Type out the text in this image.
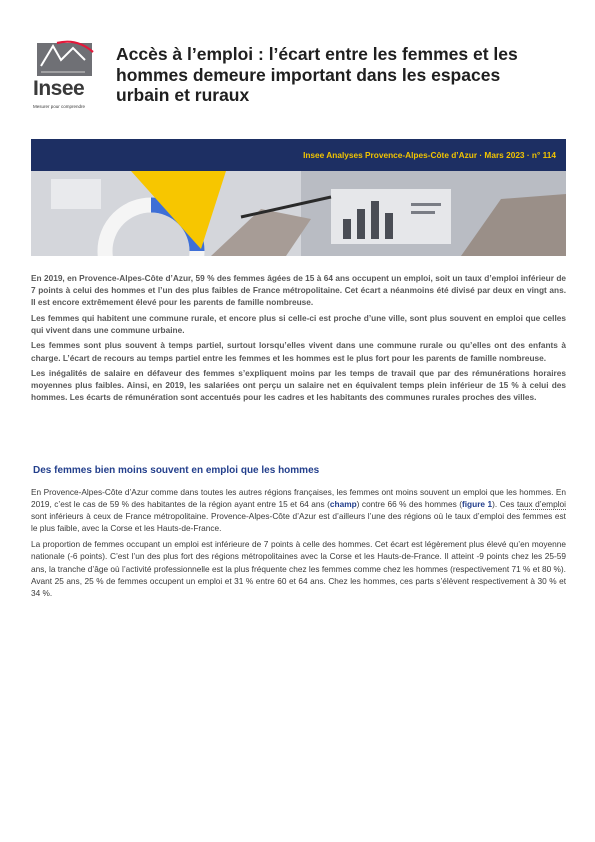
Insee
Mesurer pour comprendre
Accès à l’emploi : l’écart entre les femmes et les hommes demeure important dans les espaces urbain et ruraux
Insee Analyses Provence-Alpes-Côte d’Azur · Mars 2023 · n° 114

En 2019, en Provence-Alpes-Côte d’Azur, 59 % des femmes âgées de 15 à 64 ans occupent un emploi, soit un taux d’emploi inférieur de 7 points à celui des hommes et l’un des plus faibles de France métropolitaine. Cet écart a néanmoins été divisé par deux en vingt ans. Il est encore extrêmement élevé pour les parents de famille nombreuse.

Les femmes qui habitent une commune rurale, et encore plus si celle-ci est proche d’une ville, sont plus souvent en emploi que celles qui vivent dans une commune urbaine.

Les femmes sont plus souvent à temps partiel, surtout lorsqu’elles vivent dans une commune rurale ou qu’elles ont des enfants à charge. L’écart de recours au temps partiel entre les femmes et les hommes est le plus fort pour les parents de famille nombreuse.

Les inégalités de salaire en défaveur des femmes s’expliquent moins par les temps de travail que par des rémunérations horaires moyennes plus faibles. Ainsi, en 2019, les salariées ont perçu un salaire net en équivalent temps plein inférieur de 15 % à celui des hommes. Les écarts de rémunération sont accentués pour les cadres et les habitants des communes rurales proches des villes.

Des femmes bien moins souvent en emploi que les hommes

En Provence-Alpes-Côte d’Azur comme dans toutes les autres régions françaises, les femmes ont moins souvent un emploi que les hommes. En 2019, c’est le cas de 59 % des habitantes de la région ayant entre 15 et 64 ans (champ) contre 66 % des hommes (figure 1). Ces taux d’emploi sont inférieurs à ceux de France métropolitaine. Provence-Alpes-Côte d’Azur est d’ailleurs l’une des régions où le taux d’emploi des femmes est le plus faible, avec la Corse et les Hauts-de-France.

La proportion de femmes occupant un emploi est inférieure de 7 points à celle des hommes. Cet écart est légèrement plus élevé qu’en moyenne nationale (-6 points). C’est l’un des plus fort des régions métropolitaines avec la Corse et les Hauts-de-France. Il atteint -9 points chez les 25-59 ans, la tranche d’âge où l’activité professionnelle est la plus fréquente chez les femmes comme chez les hommes (respectivement 71 % et 80 %). Avant 25 ans, 25 % de femmes occupent un emploi et 31 % entre 60 et 64 ans. Chez les hommes, ces parts s’élèvent respectivement à 30 % et 34 %.
